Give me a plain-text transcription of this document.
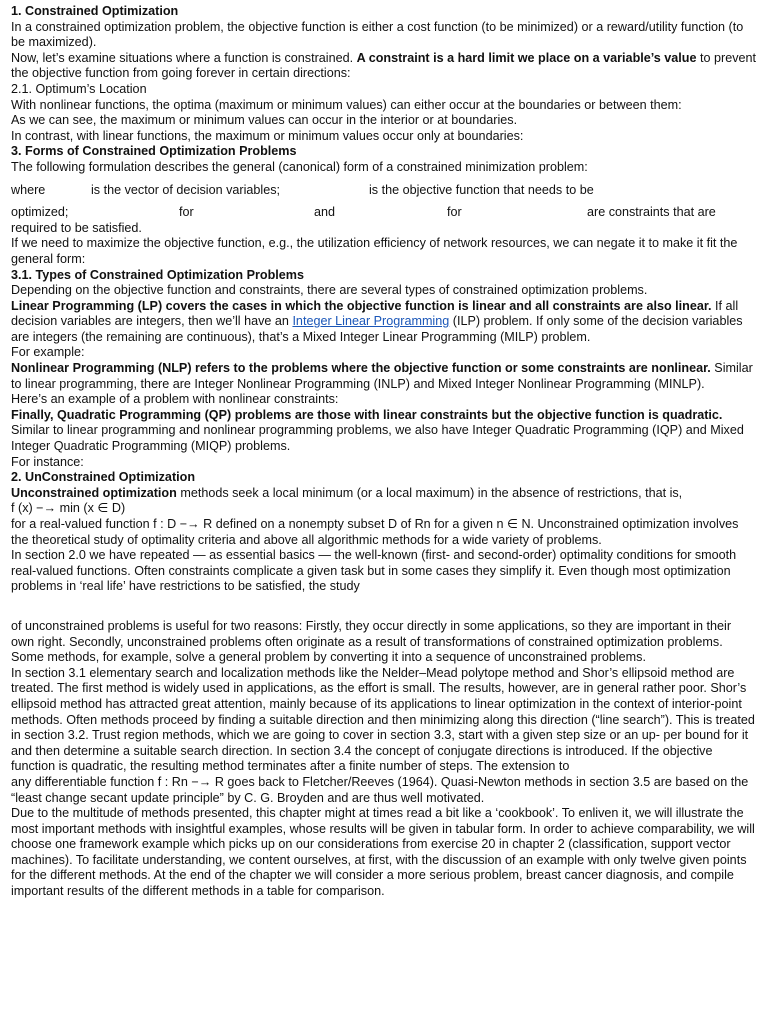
1. Constrained Optimization
In a constrained optimization problem, the objective function is either a cost function (to be minimized) or a reward/utility function (to be maximized).
Now, let’s examine situations where a function is constrained. A constraint is a hard limit we place on a variable’s value to prevent the objective function from going forever in certain directions:
2.1. Optimum’s Location
With nonlinear functions, the optima (maximum or minimum values) can either occur at the boundaries or between them:
As we can see, the maximum or minimum values can occur in the interior or at boundaries.
In contrast, with linear functions, the maximum or minimum values occur only at boundaries:
3. Forms of Constrained Optimization Problems
The following formulation describes the general (canonical) form of a constrained minimization problem:
where	is the vector of decision variables;	is the objective function that needs to be
optimized;	for	and	for	are constraints that are
required to be satisfied.
If we need to maximize the objective function, e.g., the utilization efficiency of network resources, we can negate it to make it fit the general form:
3.1. Types of Constrained Optimization Problems
Depending on the objective function and constraints, there are several types of constrained optimization problems.
Linear Programming (LP) covers the cases in which the objective function is linear and all constraints are also linear. If all decision variables are integers, then we’ll have an Integer Linear Programming (ILP) problem. If only some of the decision variables are integers (the remaining are continuous), that’s a Mixed Integer Linear Programming (MILP) problem.
For example:
Nonlinear Programming (NLP) refers to the problems where the objective function or some constraints are nonlinear. Similar to linear programming, there are Integer Nonlinear Programming (INLP) and Mixed Integer Nonlinear Programming (MINLP).
Here’s an example of a problem with nonlinear constraints:
Finally, Quadratic Programming (QP) problems are those with linear constraints but the objective function is quadratic. Similar to linear programming and nonlinear programming problems, we also have Integer Quadratic Programming (IQP) and Mixed Integer Quadratic Programming (MIQP) problems.
For instance:
2. UnConstrained Optimization
Unconstrained optimization methods seek a local minimum (or a local maximum) in the absence of restrictions, that is,
f (x) −→ min (x ∈ D)
for a real-valued function f : D −→ R defined on a nonempty subset D of Rn for a given n ∈ N. Unconstrained optimization involves the theoretical study of optimality criteria and above all algorithmic methods for a wide variety of problems.
In section 2.0 we have repeated — as essential basics — the well-known (first- and second-order) optimality conditions for smooth real-valued functions. Often constraints complicate a given task but in some cases they simplify it. Even though most optimization problems in ‘real life’ have restrictions to be satisfied, the study
of unconstrained problems is useful for two reasons: Firstly, they occur directly in some applications, so they are important in their own right. Secondly, unconstrained problems often originate as a result of transformations of constrained optimization problems. Some methods, for example, solve a general problem by converting it into a sequence of unconstrained problems.
In section 3.1 elementary search and localization methods like the Nelder–Mead polytope method and Shor’s ellipsoid method are treated. The first method is widely used in applications, as the effort is small. The results, however, are in general rather poor. Shor’s ellipsoid method has attracted great attention, mainly because of its applications to linear optimization in the context of interior-point methods. Often methods proceed by finding a suitable direction and then minimizing along this direction (“line search”). This is treated in section 3.2. Trust region methods, which we are going to cover in section 3.3, start with a given step size or an up- per bound for it and then determine a suitable search direction. In section 3.4 the concept of conjugate directions is introduced. If the objective function is quadratic, the resulting method terminates after a finite number of steps. The extension to
any differentiable function f : Rn −→ R goes back to Fletcher/Reeves (1964). Quasi-Newton methods in section 3.5 are based on the “least change secant update principle” by C. G. Broyden and are thus well motivated.
Due to the multitude of methods presented, this chapter might at times read a bit like a ‘cookbook’. To enliven it, we will illustrate the most important methods with insightful examples, whose results will be given in tabular form. In order to achieve comparability, we will choose one framework example which picks up on our considerations from exercise 20 in chapter 2 (classification, support vector machines). To facilitate understanding, we content ourselves, at first, with the discussion of an example with only twelve given points for the different methods. At the end of the chapter we will consider a more serious problem, breast cancer diagnosis, and compile important results of the different methods in a table for comparison.
